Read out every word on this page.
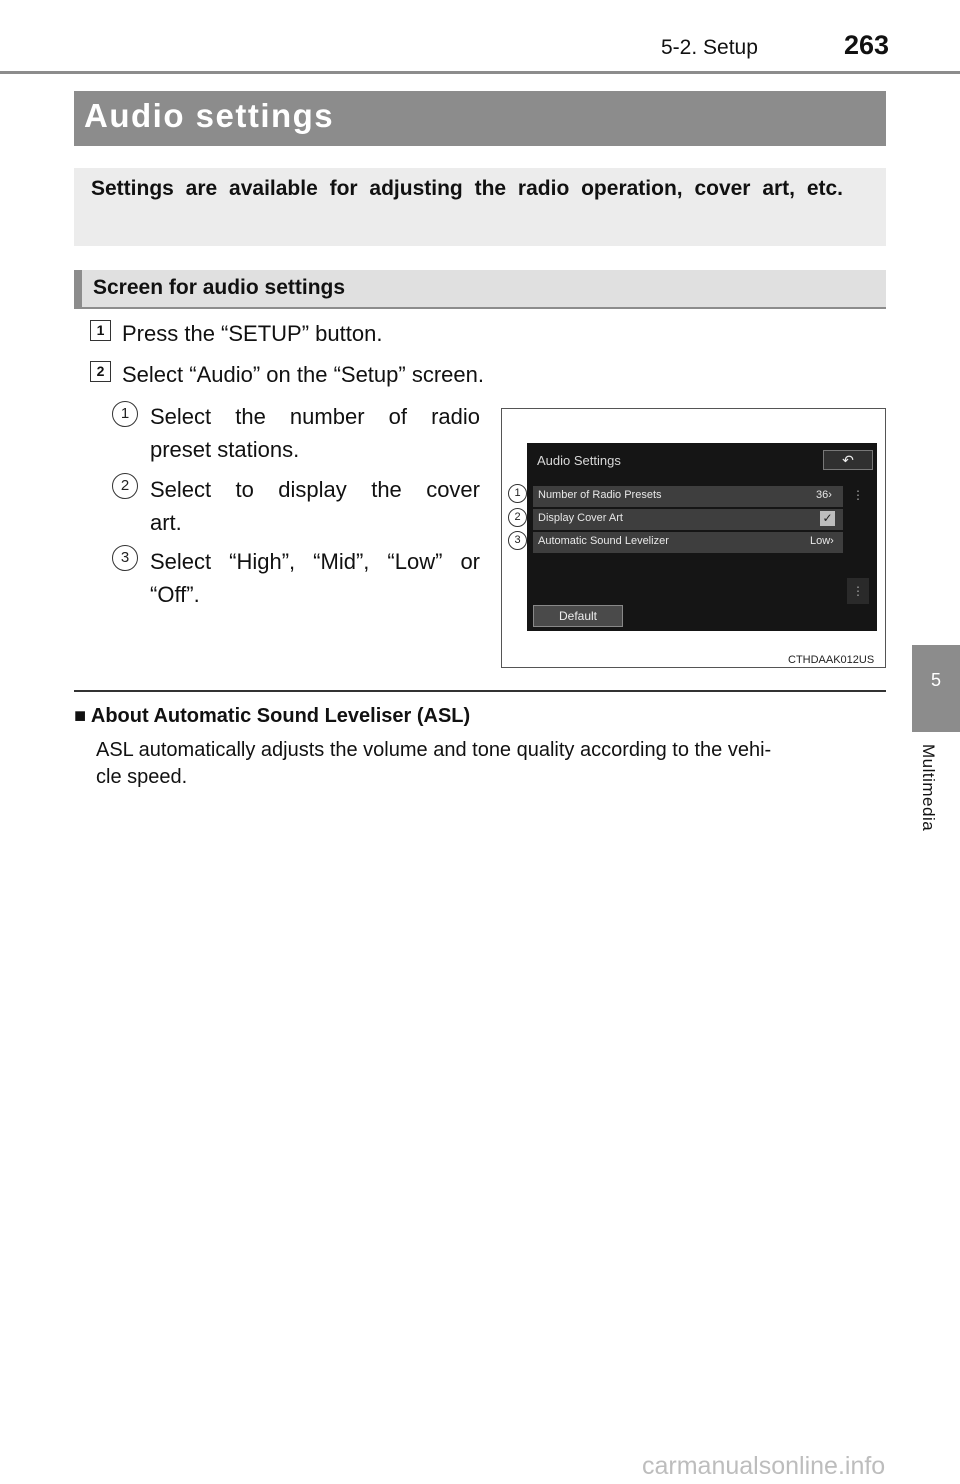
5-2. Setup	263
5
Multimedia
Audio settings
Settings are available for adjusting the radio operation, cover art, etc.
Screen for audio settings
1 Press the “SETUP” button.
2 Select “Audio” on the “Setup” screen.
1 Select the number of radio
preset stations.
2 Select to display the cover
art.
3 Select “High”, “Mid”, “Low” or
“Off”.
Audio Settings	↶
Number of Radio Presets	36›
Display Cover Art	✓
Automatic Sound Levelizer	Low›
⋮
⋮
Default
1
2
3
CTHDAAK012US
■ About Automatic Sound Leveliser (ASL)
ASL automatically adjusts the volume and tone quality according to the vehi-
cle speed.
carmanualsonline.info
